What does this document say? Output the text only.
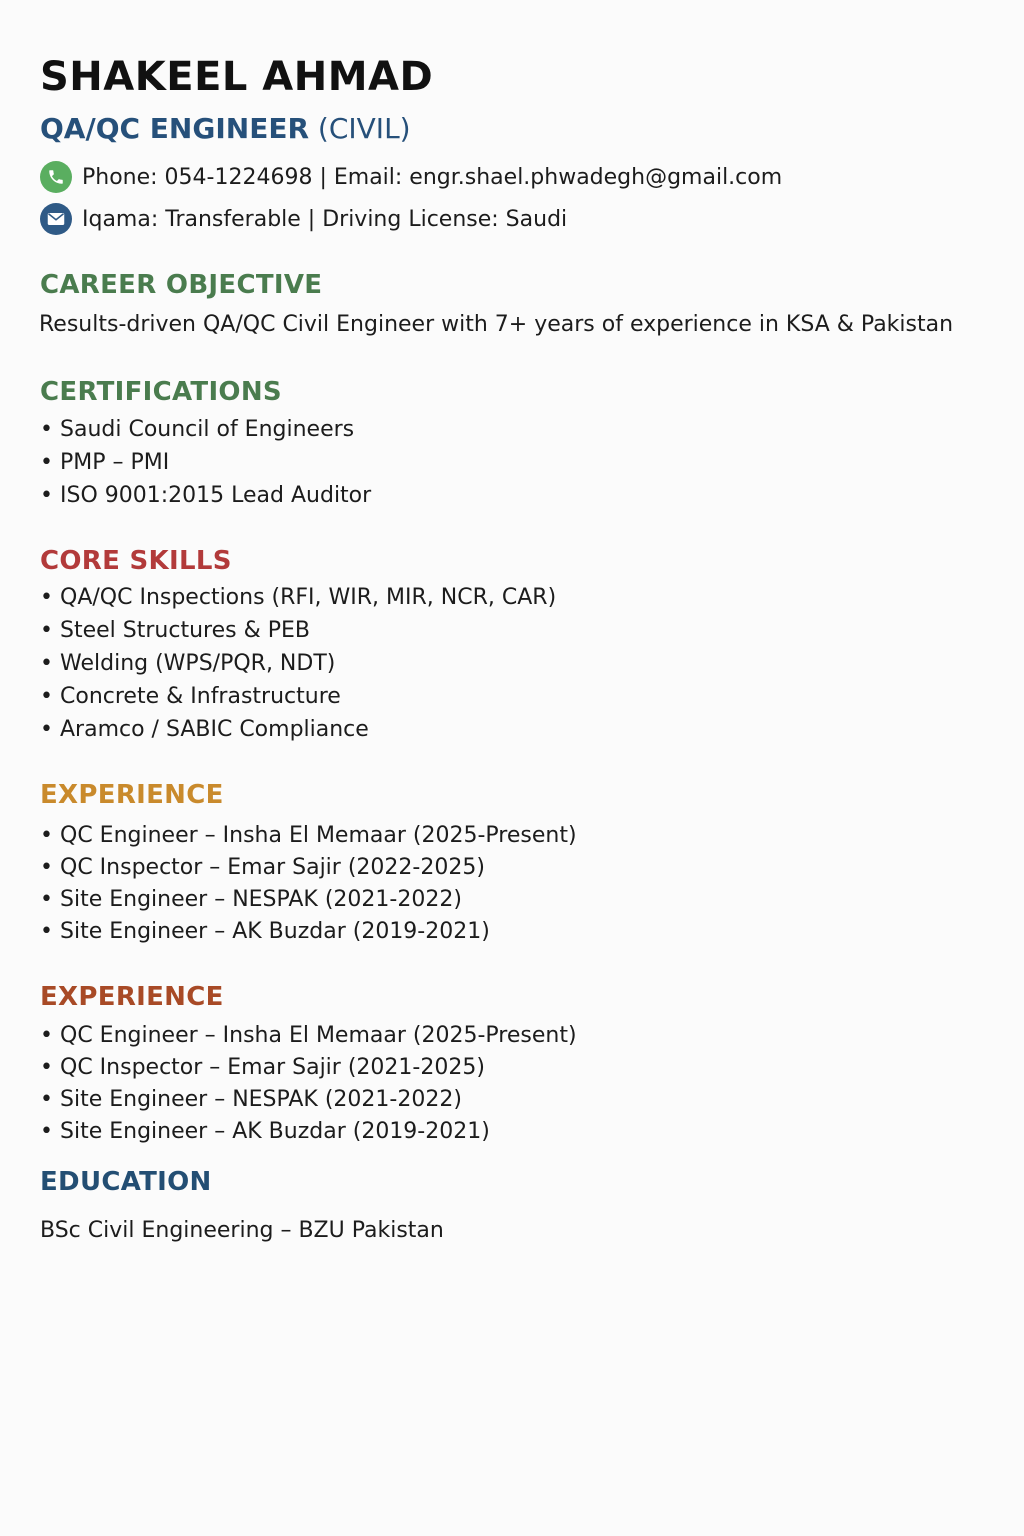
SHAKEEL AHMAD
QA/QC ENGINEER (CIVIL)
Phone: 054-1224698 | Email: engr.shael.phwadegh@gmail.com
Iqama: Transferable | Driving License: Saudi
CAREER OBJECTIVE
Results-driven QA/QC Civil Engineer with 7+ years of experience in KSA & Pakistan
CERTIFICATIONS
• Saudi Council of Engineers
• PMP – PMI
• ISO 9001:2015 Lead Auditor
CORE SKILLS
• QA/QC Inspections (RFI, WIR, MIR, NCR, CAR)
• Steel Structures & PEB
• Welding (WPS/PQR, NDT)
• Concrete & Infrastructure
• Aramco / SABIC Compliance
EXPERIENCE
• QC Engineer – Insha El Memaar (2025-Present)
• QC Inspector – Emar Sajir (2022-2025)
• Site Engineer – NESPAK (2021-2022)
• Site Engineer – AK Buzdar (2019-2021)
EXPERIENCE
• QC Engineer – Insha El Memaar (2025-Present)
• QC Inspector – Emar Sajir (2021-2025)
• Site Engineer – NESPAK (2021-2022)
• Site Engineer – AK Buzdar (2019-2021)
EDUCATION
BSc Civil Engineering – BZU Pakistan
